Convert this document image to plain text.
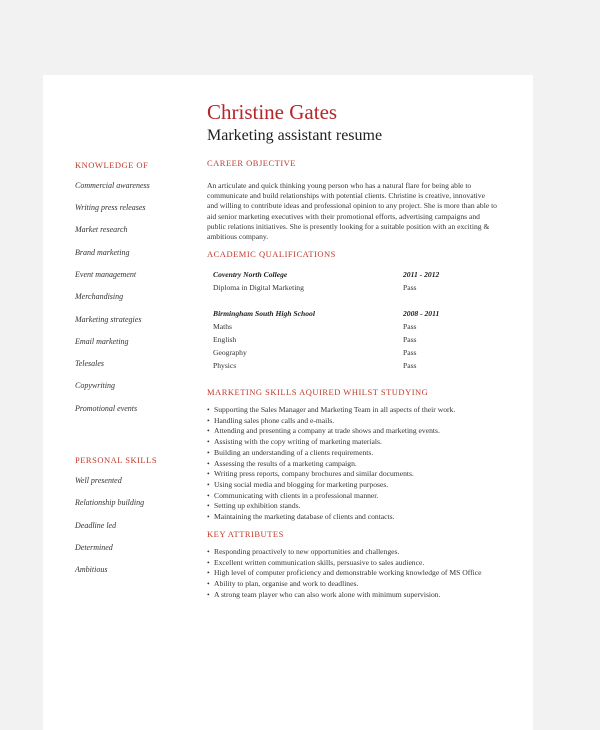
Christine Gates
Marketing assistant resume
KNOWLEDGE OF
Commercial awareness
Writing press releases
Market research
Brand marketing
Event management
Merchandising
Marketing strategies
Email marketing
Telesales
Copywriting
Promotional events
PERSONAL SKILLS
Well presented
Relationship building
Deadline led
Determined
Ambitious
CAREER OBJECTIVE
An articulate and quick thinking young person who has a natural flare for being able to communicate and build relationships with potential clients. Christine is creative, innovative and willing to contribute ideas and professional opinion to any project. She is more than able to aid senior marketing executives with their promotional efforts, advertising campaigns and public relations initiatives. She is presently looking for a suitable position with an exciting & ambitious company.
ACADEMIC QUALIFICATIONS
Coventry North College	2011 - 2012
Diploma in Digital Marketing	Pass
Birmingham South High School	2008 - 2011
Maths	Pass
English	Pass
Geography	Pass
Physics	Pass
MARKETING SKILLS AQUIRED WHILST STUDYING
• Supporting the Sales Manager and Marketing Team in all aspects of their work.
• Handling sales phone calls and e-mails.
• Attending and presenting a company at trade shows and marketing events.
• Assisting with the copy writing of marketing materials.
• Building an understanding of a clients requirements.
• Assessing the results of a marketing campaign.
• Writing press reports, company brochures and similar documents.
• Using social media and blogging for marketing purposes.
• Communicating with clients in a professional manner.
• Setting up exhibition stands.
• Maintaining the marketing database of clients and contacts.
KEY ATTRIBUTES
• Responding proactively to new opportunities and challenges.
• Excellent written communication skills, persuasive to sales audience.
• High level of computer proficiency and demonstrable working knowledge of MS Office
• Ability to plan, organise and work to deadlines.
• A strong team player who can also work alone with minimum supervision.
